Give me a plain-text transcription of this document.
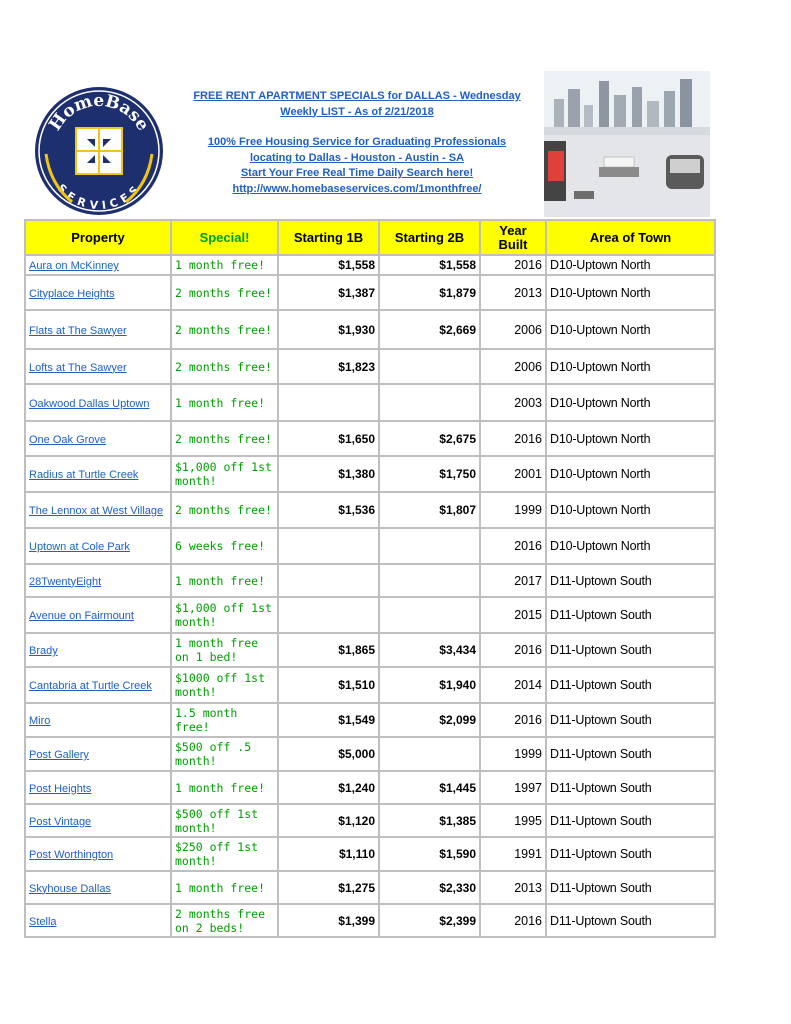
HomeBase
SERVICES
FREE RENT APARTMENT SPECIALS for DALLAS - Wednesday
Weekly LIST - As of 2/21/2018
100% Free Housing Service for Graduating Professionals
locating to Dallas - Houston - Austin - SA
Start Your Free Real Time Daily Search here!
http://www.homebaseservices.com/1monthfree/
Property	Special!	Starting 1B	Starting 2B	Year Built	Area of Town
Aura on McKinney	1 month free!	$1,558	$1,558	2016	D10-Uptown North
Cityplace Heights	2 months free!	$1,387	$1,879	2013	D10-Uptown North
Flats at The Sawyer	2 months free!	$1,930	$2,669	2006	D10-Uptown North
Lofts at The Sawyer	2 months free!	$1,823		2006	D10-Uptown North
Oakwood Dallas Uptown	1 month free!			2003	D10-Uptown North
One Oak Grove	2 months free!	$1,650	$2,675	2016	D10-Uptown North
Radius at Turtle Creek	$1,000 off 1st month!	$1,380	$1,750	2001	D10-Uptown North
The Lennox at West Village	2 months free!	$1,536	$1,807	1999	D10-Uptown North
Uptown at Cole Park	6 weeks free!			2016	D10-Uptown North
28TwentyEight	1 month free!			2017	D11-Uptown South
Avenue on Fairmount	$1,000 off 1st month!			2015	D11-Uptown South
Brady	1 month free on 1 bed!	$1,865	$3,434	2016	D11-Uptown South
Cantabria at Turtle Creek	$1000 off 1st month!	$1,510	$1,940	2014	D11-Uptown South
Miro	1.5 month free!	$1,549	$2,099	2016	D11-Uptown South
Post Gallery	$500 off .5 month!	$5,000		1999	D11-Uptown South
Post Heights	1 month free!	$1,240	$1,445	1997	D11-Uptown South
Post Vintage	$500 off 1st month!	$1,120	$1,385	1995	D11-Uptown South
Post Worthington	$250 off 1st month!	$1,110	$1,590	1991	D11-Uptown South
Skyhouse Dallas	1 month free!	$1,275	$2,330	2013	D11-Uptown South
Stella	2 months free on 2 beds!	$1,399	$2,399	2016	D11-Uptown South
